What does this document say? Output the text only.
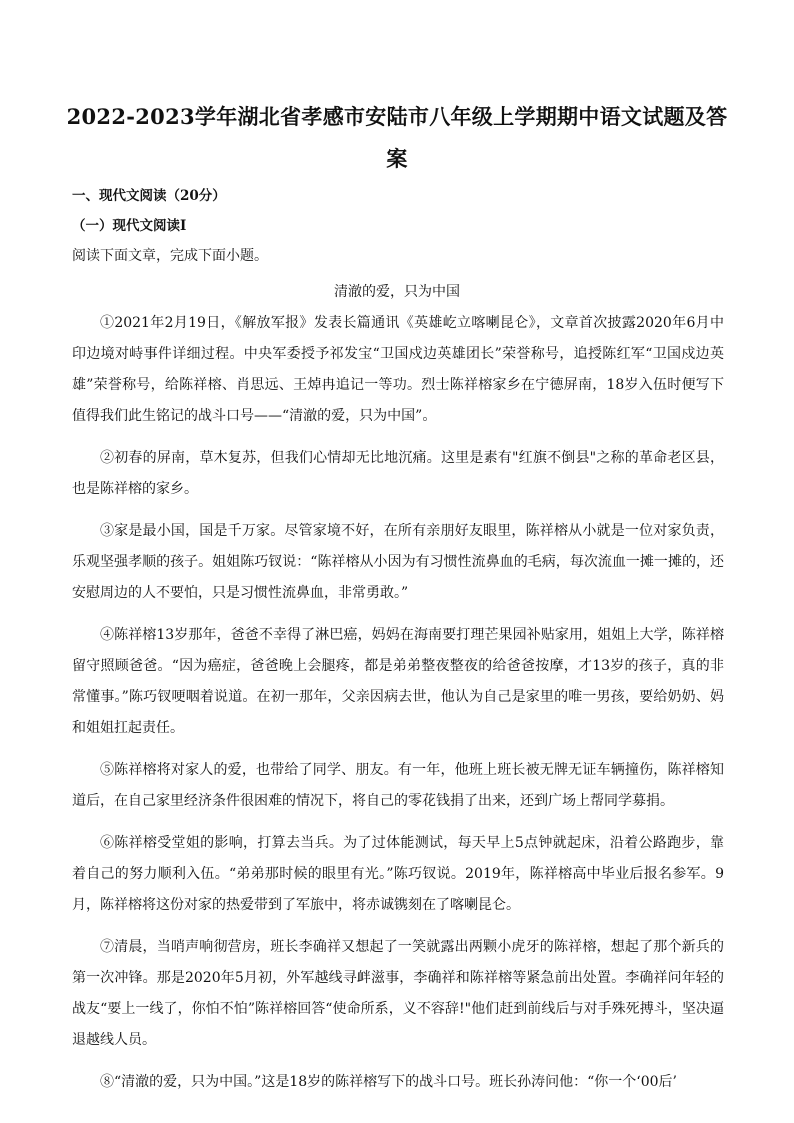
2022-2023学年湖北省孝感市安陆市八年级上学期期中语文试题及答案
一、现代文阅读（20分）
（一）现代文阅读I
阅读下面文章，完成下面小题。
清澈的爱，只为中国

①2021年2月19日，《解放军报》发表长篇通讯《英雄屹立喀喇昆仑》，文章首次披露2020年6月中印边境对峙事件详细过程。中央军委授予祁发宝“卫国戍边英雄团长”荣誉称号，追授陈红军“卫国戍边英雄”荣誉称号，给陈祥榕、肖思远、王焯冉追记一等功。烈士陈祥榕家乡在宁德屏南，18岁入伍时便写下值得我们此生铭记的战斗口号——“清澈的爱，只为中国”。

②初春的屏南，草木复苏，但我们心情却无比地沉痛。这里是素有"红旗不倒县"之称的革命老区县，也是陈祥榕的家乡。

③家是最小国，国是千万家。尽管家境不好，在所有亲朋好友眼里，陈祥榕从小就是一位对家负责，乐观坚强孝顺的孩子。姐姐陈巧钗说：“陈祥榕从小因为有习惯性流鼻血的毛病，每次流血一摊一摊的，还安慰周边的人不要怕，只是习惯性流鼻血，非常勇敢。”

④陈祥榕13岁那年，爸爸不幸得了淋巴癌，妈妈在海南要打理芒果园补贴家用，姐姐上大学，陈祥榕留守照顾爸爸。“因为癌症，爸爸晚上会腿疼，都是弟弟整夜整夜的给爸爸按摩，才13岁的孩子，真的非常懂事。”陈巧钗哽咽着说道。在初一那年，父亲因病去世，他认为自己是家里的唯一男孩，要给奶奶、妈和姐姐扛起责任。

⑤陈祥榕将对家人的爱，也带给了同学、朋友。有一年，他班上班长被无牌无证车辆撞伤，陈祥榕知道后，在自己家里经济条件很困难的情况下，将自己的零花钱捐了出来，还到广场上帮同学募捐。

⑥陈祥榕受堂姐的影响，打算去当兵。为了过体能测试，每天早上5点钟就起床，沿着公路跑步，靠着自己的努力顺利入伍。“弟弟那时候的眼里有光。”陈巧钗说。2019年，陈祥榕高中毕业后报名参军。9月，陈祥榕将这份对家的热爱带到了军旅中，将赤诚镌刻在了喀喇昆仑。

⑦清晨，当哨声响彻营房，班长李确祥又想起了一笑就露出两颗小虎牙的陈祥榕，想起了那个新兵的第一次冲锋。那是2020年5月初，外军越线寻衅滋事，李确祥和陈祥榕等紧急前出处置。李确祥问年轻的战友“要上一线了，你怕不怕”陈祥榕回答“使命所系，义不容辞!"他们赶到前线后与对手殊死搏斗，坚决逼退越线人员。

⑧“清澈的爱，只为中国。”这是18岁的陈祥榕写下的战斗口号。班长孙涛问他：“你一个‘00后’
